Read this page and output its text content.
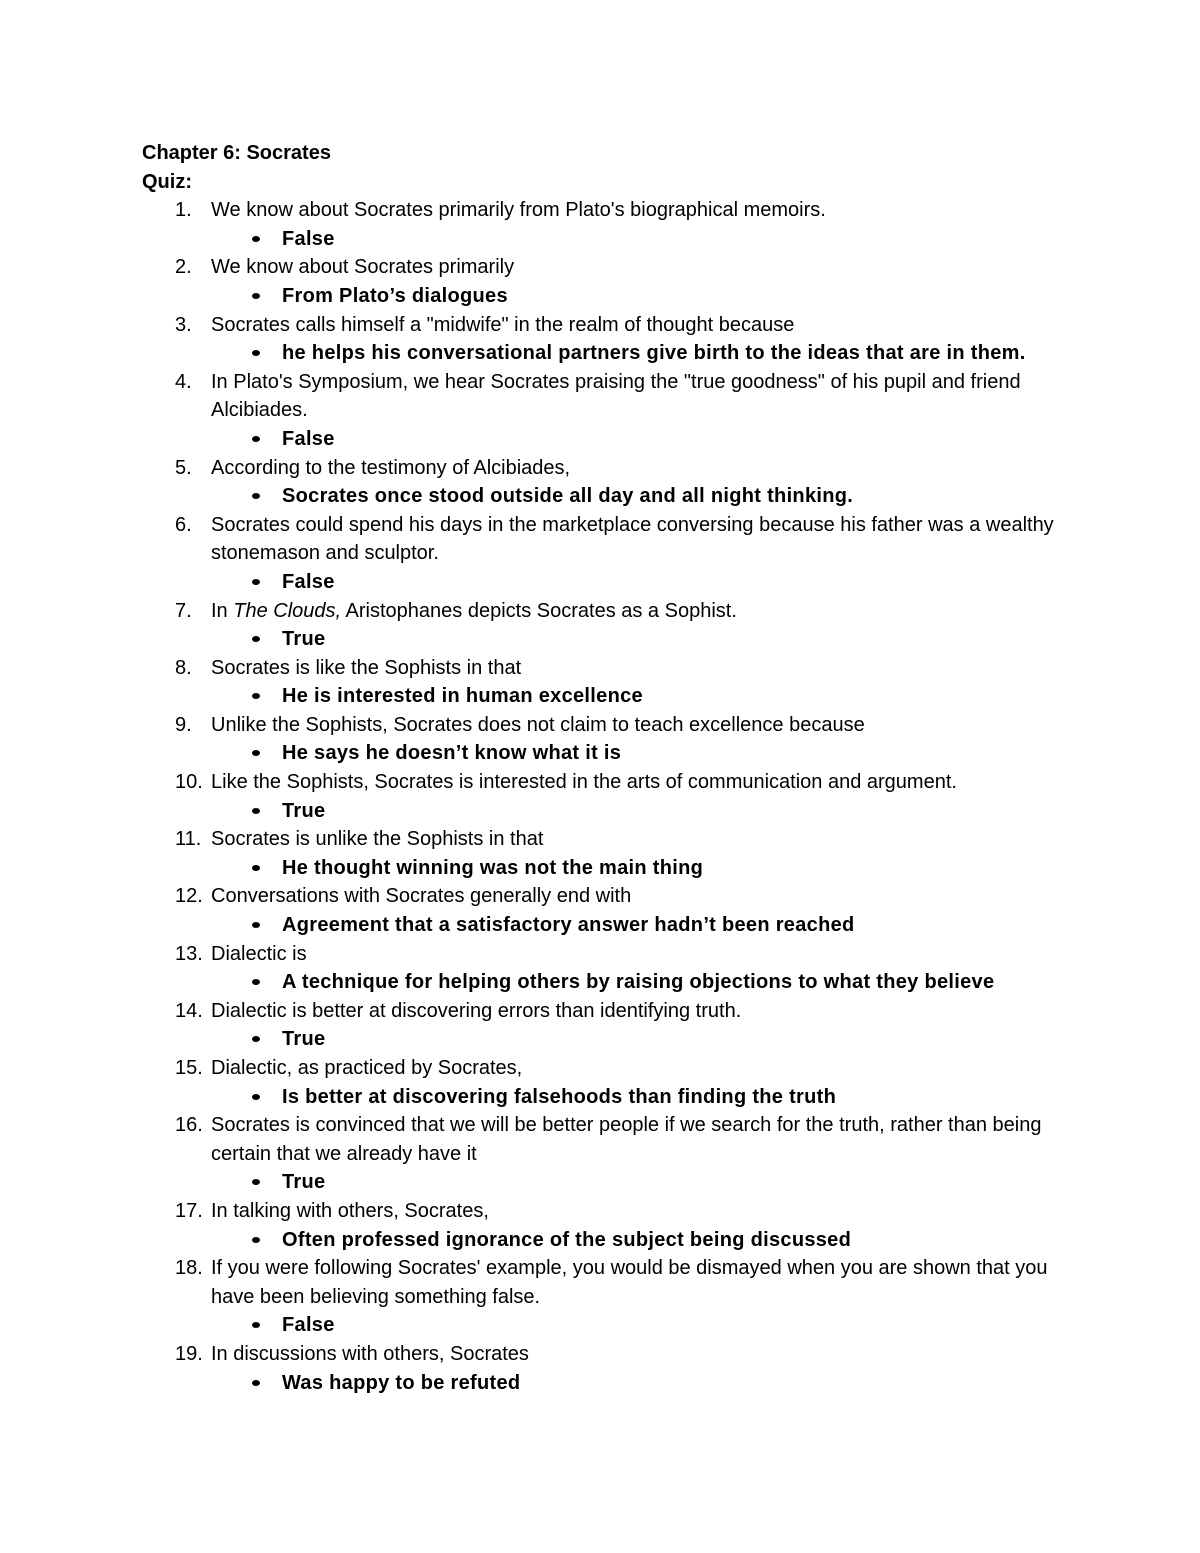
Chapter 6: Socrates
Quiz:
1. We know about Socrates primarily from Plato's biographical memoirs.
False
2. We know about Socrates primarily
From Plato’s dialogues
3. Socrates calls himself a "midwife" in the realm of thought because
he helps his conversational partners give birth to the ideas that are in them.
4. In Plato's Symposium, we hear Socrates praising the "true goodness" of his pupil and friend Alcibiades.
False
5. According to the testimony of Alcibiades,
Socrates once stood outside all day and all night thinking.
6. Socrates could spend his days in the marketplace conversing because his father was a wealthy stonemason and sculptor.
False
7. In The Clouds, Aristophanes depicts Socrates as a Sophist.
True
8. Socrates is like the Sophists in that
He is interested in human excellence
9. Unlike the Sophists, Socrates does not claim to teach excellence because
He says he doesn’t know what it is
10. Like the Sophists, Socrates is interested in the arts of communication and argument.
True
11. Socrates is unlike the Sophists in that
He thought winning was not the main thing
12. Conversations with Socrates generally end with
Agreement that a satisfactory answer hadn’t been reached
13. Dialectic is
A technique for helping others by raising objections to what they believe
14. Dialectic is better at discovering errors than identifying truth.
True
15. Dialectic, as practiced by Socrates,
Is better at discovering falsehoods than finding the truth
16. Socrates is convinced that we will be better people if we search for the truth, rather than being certain that we already have it
True
17. In talking with others, Socrates,
Often professed ignorance of the subject being discussed
18. If you were following Socrates' example, you would be dismayed when you are shown that you have been believing something false.
False
19. In discussions with others, Socrates
Was happy to be refuted
